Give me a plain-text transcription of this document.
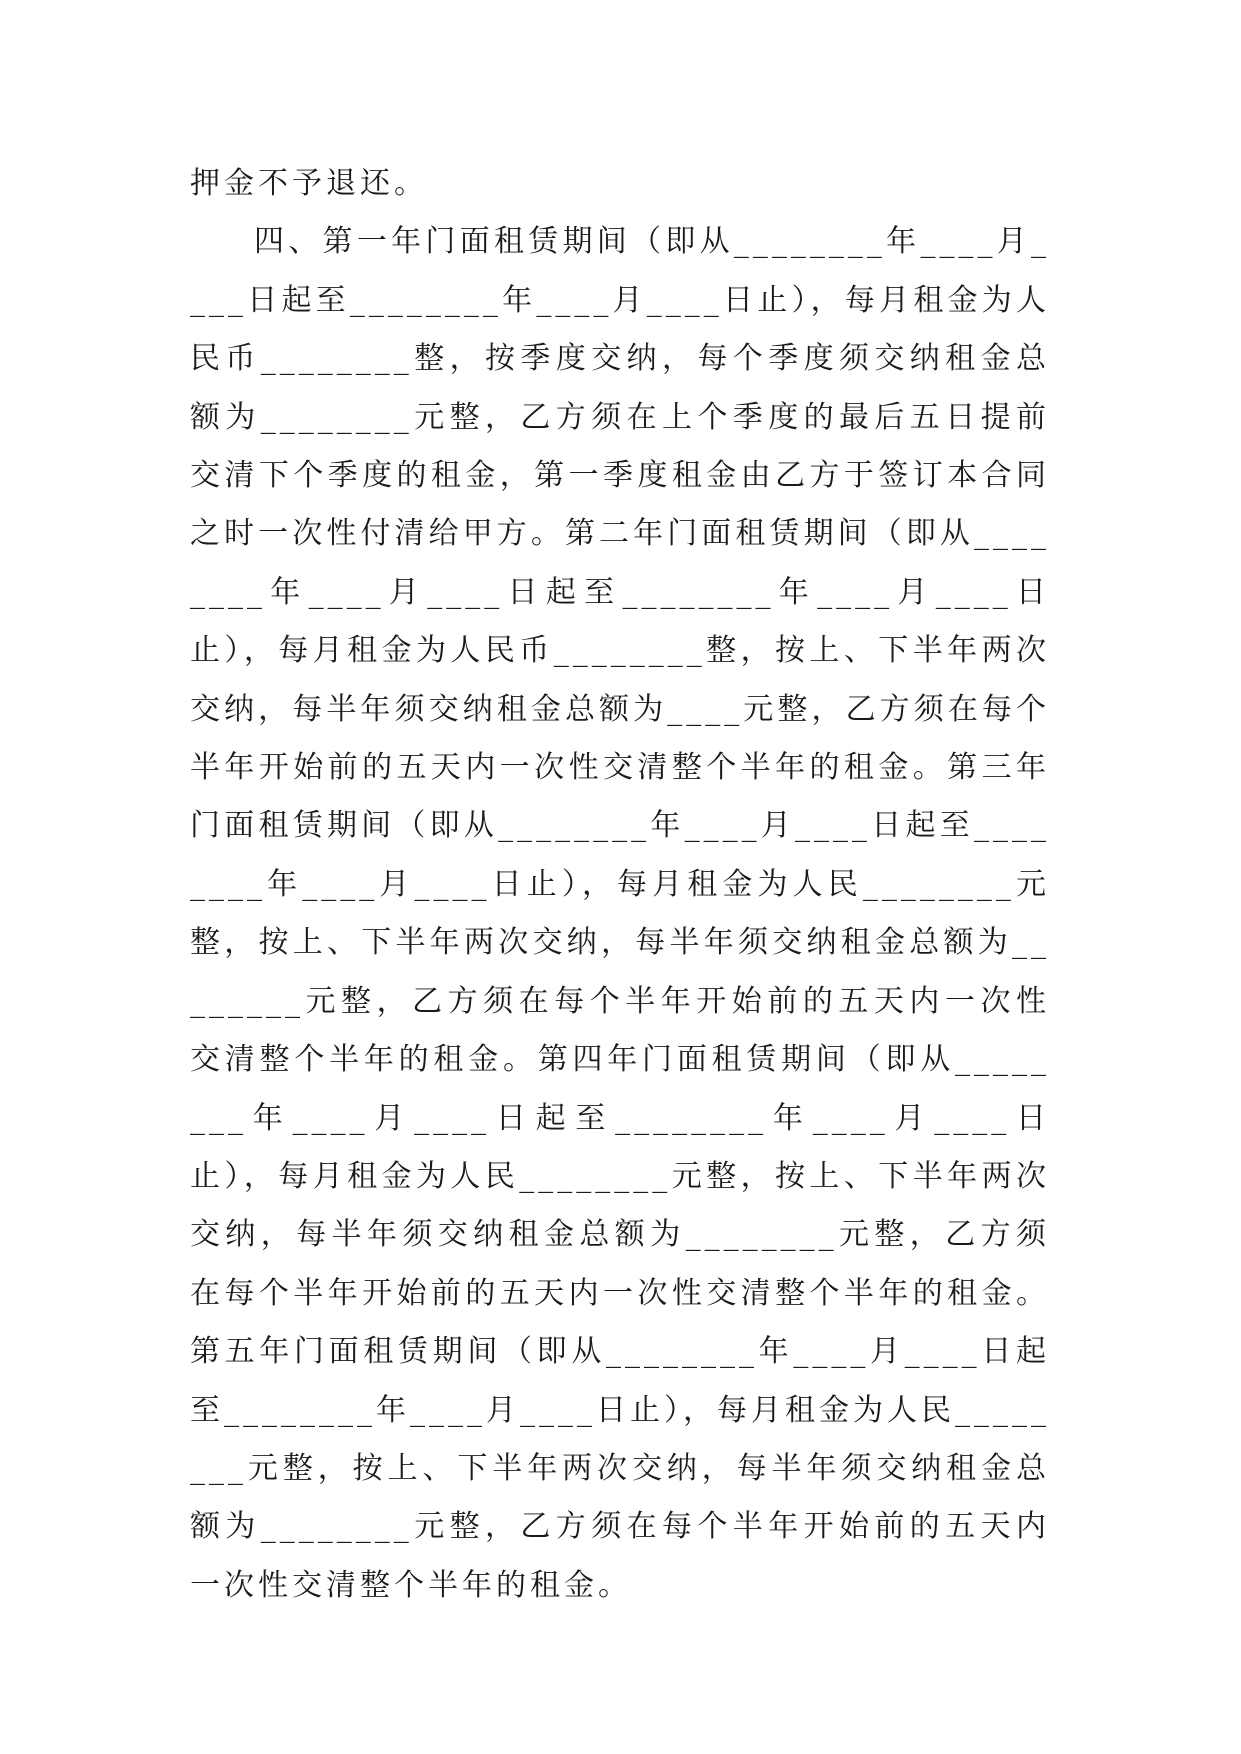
押金不予退还。

四、第一年门面租赁期间（即从________年____月____日起至________年____月____日止），每月租金为人民币________整，按季度交纳，每个季度须交纳租金总额为________元整，乙方须在上个季度的最后五日提前交清下个季度的租金，第一季度租金由乙方于签订本合同之时一次性付清给甲方。第二年门面租赁期间（即从________年____月____日起至________年____月____日止），每月租金为人民币________整，按上、下半年两次交纳，每半年须交纳租金总额为____元整，乙方须在每个半年开始前的五天内一次性交清整个半年的租金。第三年门面租赁期间（即从________年____月____日起至________年____月____日止），每月租金为人民________元整，按上、下半年两次交纳，每半年须交纳租金总额为________元整，乙方须在每个半年开始前的五天内一次性交清整个半年的租金。第四年门面租赁期间（即从________年____月____日起至________年____月____日止），每月租金为人民________元整，按上、下半年两次交纳，每半年须交纳租金总额为________元整，乙方须在每个半年开始前的五天内一次性交清整个半年的租金。第五年门面租赁期间（即从________年____月____日起至________年____月____日止），每月租金为人民________元整，按上、下半年两次交纳，每半年须交纳租金总额为________元整，乙方须在每个半年开始前的五天内一次性交清整个半年的租金。
